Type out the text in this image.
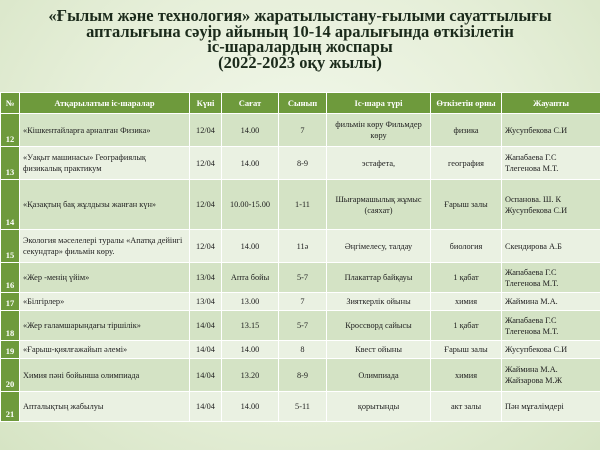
«Ғылым және технология» жаратылыстану-ғылыми сауаттылығы
апталығына сәуір айының 10-14 аралығында өткізілетін
іс-шаралардың жоспары
(2022-2023 оқу жылы)
№	Атқарылатын іс-шаралар	Күні	Сағат	Сынып	Іс-шара түрі	Өткізетін орны	Жауапты
12	«Кішкентайларға арналған Физика»	12/04	14.00	7	фильмін көру Фильмдер көру	физика	Жусупбекова С.И
13	«Уақыт машинасы» Географиялық физикалық практикум	12/04	14.00	8-9	эстафета,	география	Жапабаева Г.С
Тлегенова М.Т.
14	«Қазақтың бақ жұлдызы жанған күн»	12/04	10.00-15.00	1-11	Шығармашылық жұмыс (саяхат)	Ғарыш залы	Оспанова. Ш. К
Жусупбекова С.И
15	Экология мәселелері туралы «Апатқа дейінгі секундтар» фильмін көру.	12/04	14.00	11ә	Әңгімелесу, талдау	биология	Скендирова А.Б
16	«Жер -менің үйім»	13/04	Апта бойы	5-7	Плакаттар байқауы	1 қабат	Жапабаева Г.С
Тлегенова М.Т.
17	«Білгірлер»	13/04	13.00	7	Зияткерлік ойыны	химия	Жаймина М.А.
18	«Жер ғаламшарындағы тіршілік»	14/04	13.15	5-7	Кроссворд сайысы	1 қабат	Жапабаева Г.С
Тлегенова М.Т.
19	«Ғарыш-қиялғажайып әлемі»	14/04	14.00	8	Квест ойыны	Ғарыш залы	Жусупбекова С.И
20	Химия пәні бойынша олимпиада	14/04	13.20	8-9	Олимпиада	химия	Жаймина М.А.
Жайзарова М.Ж
21	Апталықтың жабылуы	14/04	14.00	5-11	қорытынды	акт залы	Пән мұғалімдері
